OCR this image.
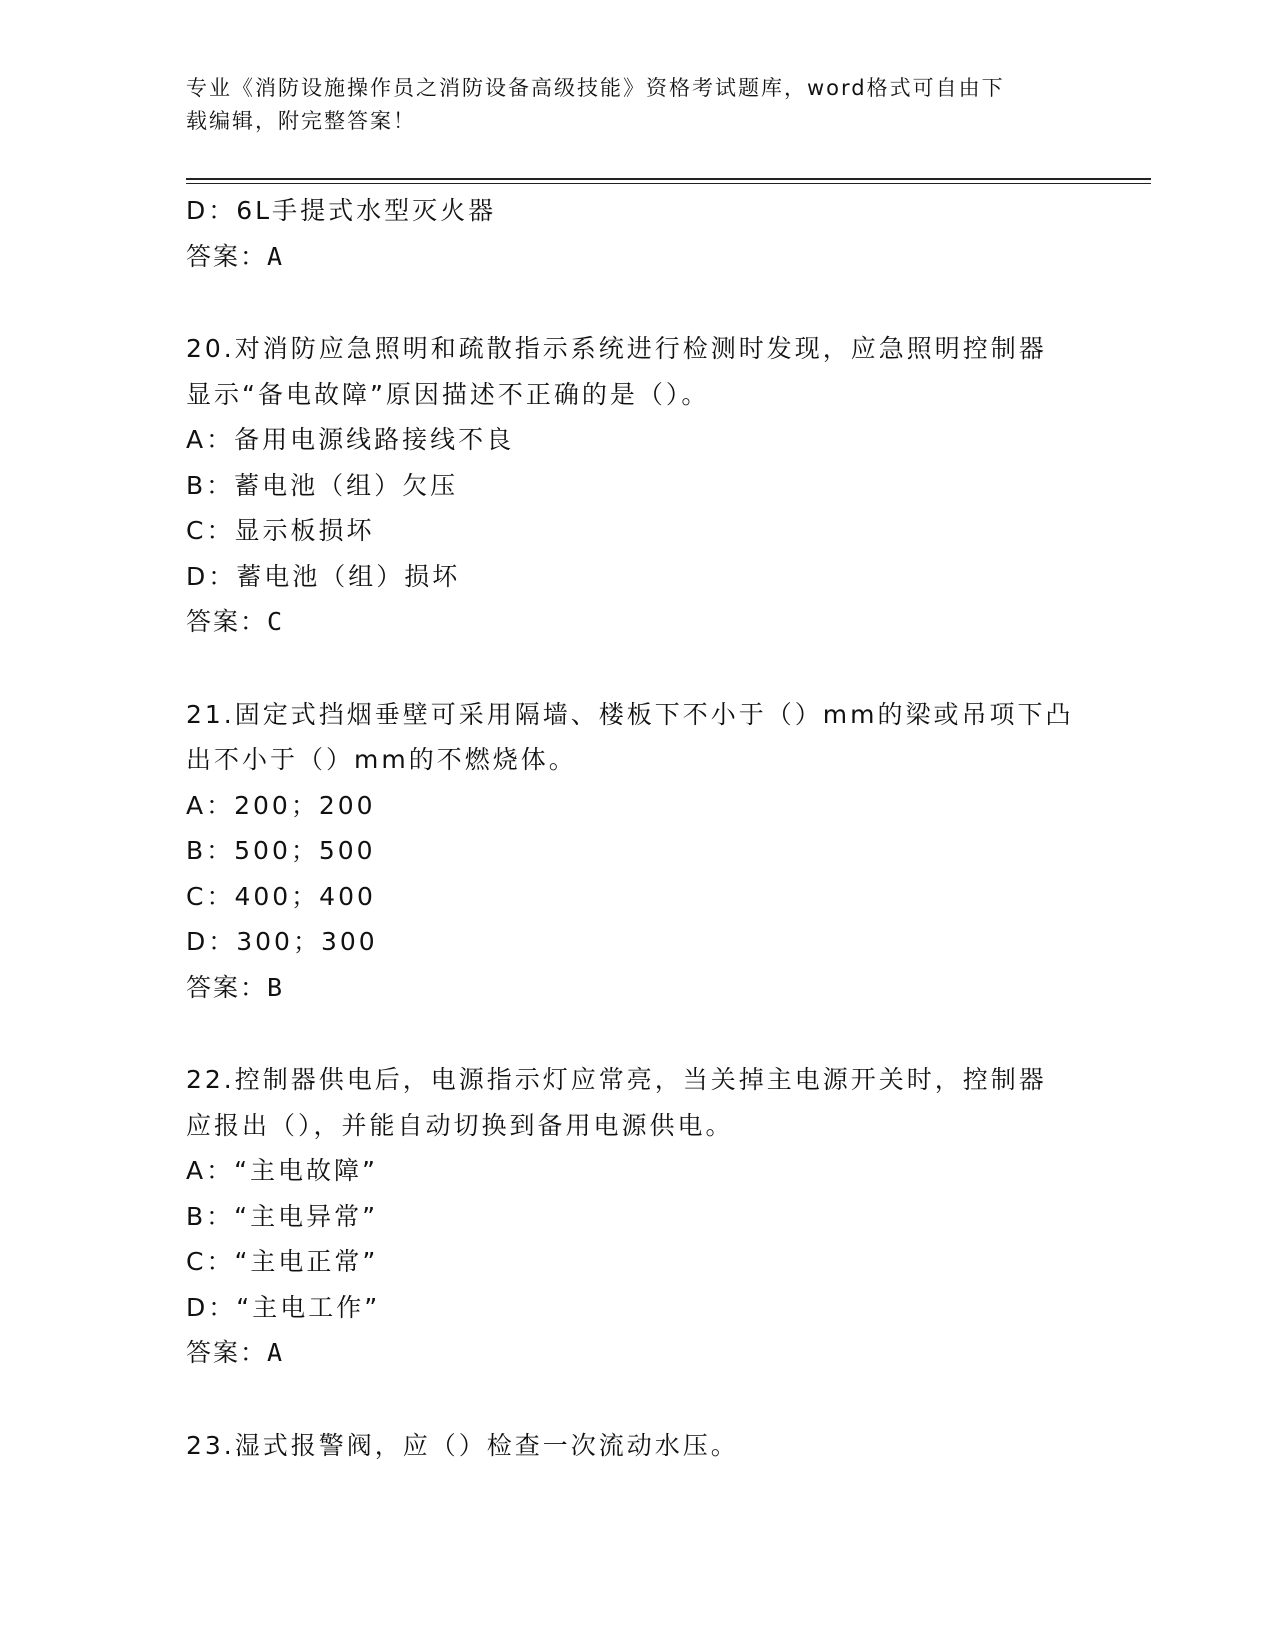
专业《消防设施操作员之消防设备高级技能》资格考试题库，word格式可自由下
载编辑，附完整答案！
D：6L手提式水型灭火器
答案：A
20.对消防应急照明和疏散指示系统进行检测时发现，应急照明控制器
显示“备电故障”原因描述不正确的是（）。
A：备用电源线路接线不良
B：蓄电池（组）欠压
C：显示板损坏
D：蓄电池（组）损坏
答案：C
21.固定式挡烟垂壁可采用隔墙、楼板下不小于（）mm的梁或吊项下凸
出不小于（）mm的不燃烧体。
A：200；200
B：500；500
C：400；400
D：300；300
答案：B
22.控制器供电后，电源指示灯应常亮，当关掉主电源开关时，控制器
应报出（），并能自动切换到备用电源供电。
A：“主电故障”
B：“主电异常”
C：“主电正常”
D：“主电工作”
答案：A
23.湿式报警阀，应（）检查一次流动水压。
